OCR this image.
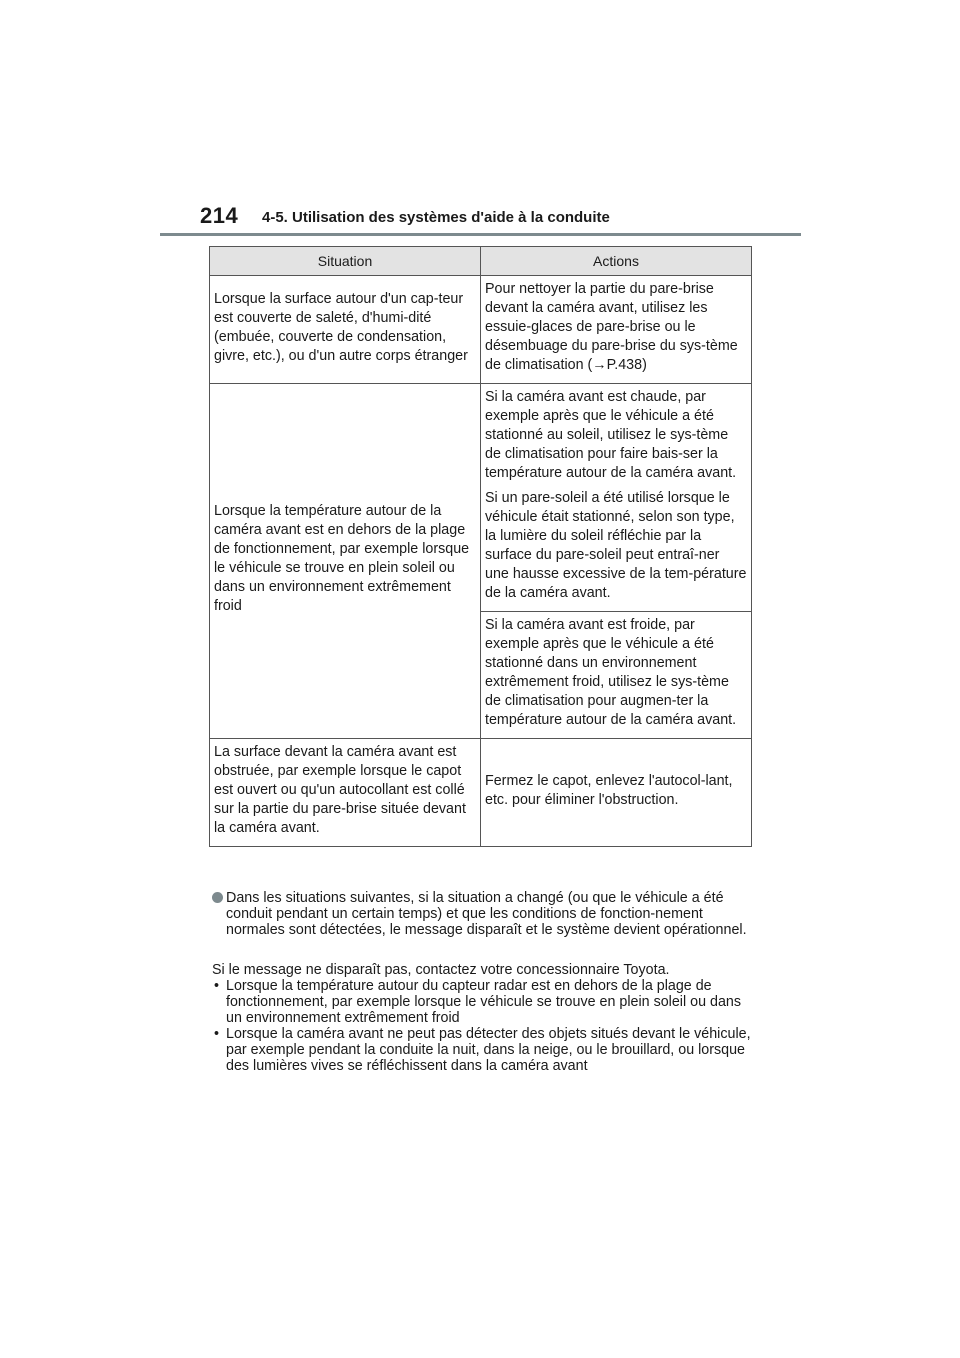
214 4-5. Utilisation des systèmes d'aide à la conduite
Situation	Actions

Lorsque la surface autour d'un cap-teur est couverte de saleté, d'humi-dité (embuée, couverte de condensation, givre, etc.), ou d'un autre corps étranger	Pour nettoyer la partie du pare-brise devant la caméra avant, utilisez les essuie-glaces de pare-brise ou le désembuage du pare-brise du sys-tème de climatisation (→P.438)

Lorsque la température autour de la caméra avant est en dehors de la plage de fonctionnement, par exemple lorsque le véhicule se trouve en plein soleil ou dans un environnement extrêmement froid	Si la caméra avant est chaude, par exemple après que le véhicule a été stationné au soleil, utilisez le sys-tème de climatisation pour faire bais-ser la température autour de la caméra avant.

Si un pare-soleil a été utilisé lorsque le véhicule était stationné, selon son type, la lumière du soleil réfléchie par la surface du pare-soleil peut entraî-ner une hausse excessive de la tem-pérature de la caméra avant.

	Si la caméra avant est froide, par exemple après que le véhicule a été stationné dans un environnement extrêmement froid, utilisez le sys-tème de climatisation pour augmen-ter la température autour de la caméra avant.

La surface devant la caméra avant est obstruée, par exemple lorsque le capot est ouvert ou qu'un autocollant est collé sur la partie du pare-brise située devant la caméra avant.	Fermez le capot, enlevez l'autocol-lant, etc. pour éliminer l'obstruction.

Dans les situations suivantes, si la situation a changé (ou que le véhicule a été conduit pendant un certain temps) et que les conditions de fonction-nement normales sont détectées, le message disparaît et le système devient opérationnel.
Si le message ne disparaît pas, contactez votre concessionnaire Toyota.
• Lorsque la température autour du capteur radar est en dehors de la plage de fonctionnement, par exemple lorsque le véhicule se trouve en plein soleil ou dans un environnement extrêmement froid
• Lorsque la caméra avant ne peut pas détecter des objets situés devant le véhicule, par exemple pendant la conduite la nuit, dans la neige, ou le brouillard, ou lorsque des lumières vives se réfléchissent dans la caméra avant
